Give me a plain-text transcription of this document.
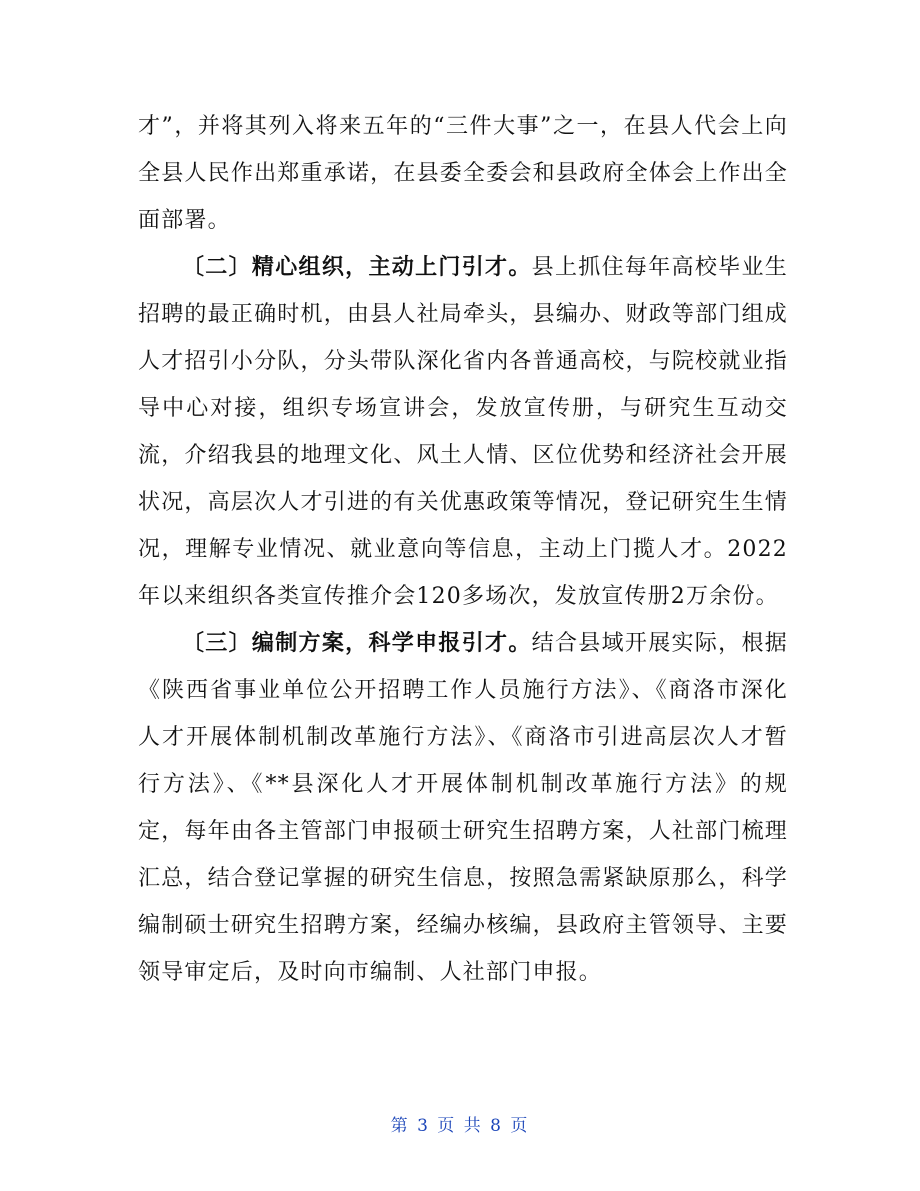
才”，并将其列入将来五年的“三件大事”之一，在县人代会上向全县人民作出郑重承诺，在县委全委会和县政府全体会上作出全面部署。

〔二〕精心组织，主动上门引才。县上抓住每年高校毕业生招聘的最正确时机，由县人社局牵头，县编办、财政等部门组成人才招引小分队，分头带队深化省内各普通高校，与院校就业指导中心对接，组织专场宣讲会，发放宣传册，与研究生互动交流，介绍我县的地理文化、风土人情、区位优势和经济社会开展状况，高层次人才引进的有关优惠政策等情况，登记研究生生情况，理解专业情况、就业意向等信息，主动上门揽人才。2022年以来组织各类宣传推介会120多场次，发放宣传册2万余份。

〔三〕编制方案，科学申报引才。结合县域开展实际，根据《陕西省事业单位公开招聘工作人员施行方法》、《商洛市深化人才开展体制机制改革施行方法》、《商洛市引进高层次人才暂行方法》、《**县深化人才开展体制机制改革施行方法》的规定，每年由各主管部门申报硕士研究生招聘方案，人社部门梳理汇总，结合登记掌握的研究生信息，按照急需紧缺原那么，科学编制硕士研究生招聘方案，经编办核编，县政府主管领导、主要领导审定后，及时向市编制、人社部门申报。

第 3 页 共 8 页
